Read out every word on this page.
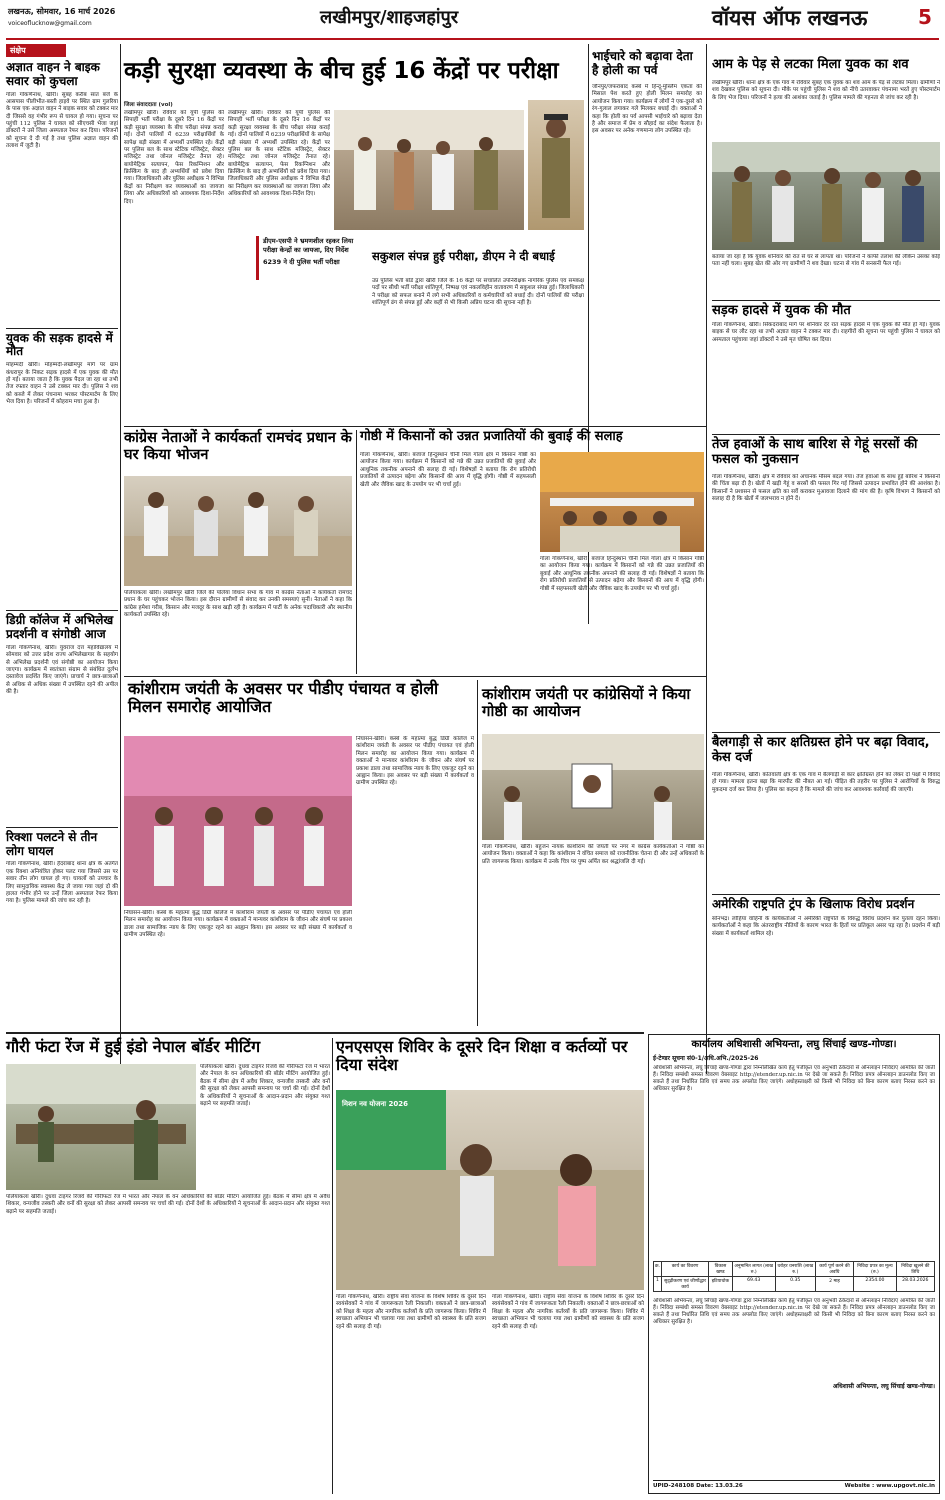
लखनऊ, सोमवार, 16 मार्च 2026
voiceoflucknow@gmail.com	लखीमपुर/शाहजहांपुर	वॉयस ऑफ लखनऊ	5
संक्षेप
अज्ञात वाहन ने बाइक सवार को कुचला
गोला गोकर्णनाथ, खीरी। सुबह करीब सात बजे के आसपास पीलीभीत-बस्ती हाइवे पर स्थित ग्राम गुलरिया के पास एक अज्ञात वाहन ने बाइक सवार को टक्कर मार दी जिससे वह गंभीर रूप से घायल हो गया। सूचना पर पहुंची 112 पुलिस ने घायल को सीएचसी भेजा जहां डॉक्टरों ने उसे जिला अस्पताल रेफर कर दिया। परिजनों को सूचना दे दी गई है तथा पुलिस अज्ञात वाहन की तलाश में जुटी है।
युवक की सड़क हादसे में मौत
मोहम्मदी खीरी। मोहम्मदी-लखीमपुर मार्ग पर ग्राम कंधरापुर के निकट सड़क हादसे में एक युवक की मौत हो गई। बताया जाता है कि युवक पैदल जा रहा था तभी तेज रफ्तार वाहन ने उसे टक्कर मार दी। पुलिस ने शव को कब्जे में लेकर पंचनामा भरकर पोस्टमार्टम के लिए भेज दिया है। परिजनों में कोहराम मचा हुआ है।
डिग्री कॉलेज में अभिलेख प्रदर्शनी व संगोष्ठी आज
गोला गोकर्णनाथ, खीरी। युवराज दत्त महाविद्यालय में सोमवार को उत्तर प्रदेश राज्य अभिलेखागार के सहयोग से अभिलेख प्रदर्शनी एवं संगोष्ठी का आयोजन किया जाएगा। कार्यक्रम में स्वतंत्रता संग्राम से संबंधित दुर्लभ दस्तावेज प्रदर्शित किए जाएंगे। प्राचार्य ने छात्र-छात्राओं से अधिक से अधिक संख्या में उपस्थित रहने की अपील की है।
रिक्शा पलटने से तीन लोग घायल
गोला गोकर्णनाथ, खीरी। हैदराबाद थाना क्षेत्र के अंतर्गत एक रिक्शा अनियंत्रित होकर पलट गया जिससे उस पर सवार तीन लोग घायल हो गए। घायलों को उपचार के लिए सामुदायिक स्वास्थ्य केंद्र ले जाया गया जहां दो की हालत गंभीर होने पर उन्हें जिला अस्पताल रेफर किया गया है। पुलिस मामले की जांच कर रही है।
कड़ी सुरक्षा व्यवस्था के बीच हुई 16 केंद्रों पर परीक्षा
जिला संवाददाता (vol)
लखीमपुर खीरी। रविवार को यूपी पुलिस की सिपाही भर्ती परीक्षा के दूसरे दिन 16 केंद्रों पर कड़ी सुरक्षा व्यवस्था के बीच परीक्षा संपन्न कराई गई। दोनों पालियों में 6239 परीक्षार्थियों के सापेक्ष बड़ी संख्या में अभ्यर्थी उपस्थित रहे। केंद्रों पर पुलिस बल के साथ स्टेटिक मजिस्ट्रेट, सेक्टर मजिस्ट्रेट तथा जोनल मजिस्ट्रेट तैनात रहे। बायोमेट्रिक सत्यापन, फेस रिकग्निशन और फ्रिस्किंग के बाद ही अभ्यर्थियों को प्रवेश दिया गया। जिलाधिकारी और पुलिस अधीक्षक ने विभिन्न केंद्रों का निरीक्षण कर व्यवस्थाओं का जायजा लिया और अधिकारियों को आवश्यक दिशा-निर्देश दिए।
लखीमपुर खीरी। रविवार को यूपी पुलिस की सिपाही भर्ती परीक्षा के दूसरे दिन 16 केंद्रों पर कड़ी सुरक्षा व्यवस्था के बीच परीक्षा संपन्न कराई गई। दोनों पालियों में 6239 परीक्षार्थियों के सापेक्ष बड़ी संख्या में अभ्यर्थी उपस्थित रहे। केंद्रों पर पुलिस बल के साथ स्टेटिक मजिस्ट्रेट, सेक्टर मजिस्ट्रेट तथा जोनल मजिस्ट्रेट तैनात रहे। बायोमेट्रिक सत्यापन, फेस रिकग्निशन और फ्रिस्किंग के बाद ही अभ्यर्थियों को प्रवेश दिया गया। जिलाधिकारी और पुलिस अधीक्षक ने विभिन्न केंद्रों का निरीक्षण कर व्यवस्थाओं का जायजा लिया और अधिकारियों को आवश्यक दिशा-निर्देश दिए।
डीएम-एसपी ने भ्रमणशील रहकर लिया परीक्षा केन्द्रों का जायजा, दिए निर्देश
6239 ने दी पुलिस भर्ती परीक्षा	सकुशल संपन्न हुई परीक्षा, डीएम ने दी बधाई
उप्र पुलिस भर्ती बोर्ड द्वारा खीरी जिले के 16 केंद्रों पर संचालित उपनिरीक्षक नागरिक पुलिस एवं समकक्ष पदों पर सीधी भर्ती परीक्षा शांतिपूर्ण, निष्पक्ष एवं नकलविहीन वातावरण में सकुशल संपन्न हुई। जिलाधिकारी ने परीक्षा को सफल बनाने में लगे सभी अधिकारियों व कर्मचारियों को बधाई दी। दोनों पालियों की परीक्षा शांतिपूर्ण ढंग से संपन्न हुई और कहीं से भी किसी अप्रिय घटना की सूचना नहीं है।
भाईचारे को बढ़ावा देता है होली का पर्व
जौनपुर/जफराबाद कस्बे में हिन्दू-मुस्लिम एकता की मिसाल पेश करते हुए होली मिलन समारोह का आयोजन किया गया। कार्यक्रम में लोगों ने एक-दूसरे को रंग-गुलाल लगाकर गले मिलकर बधाई दी। वक्ताओं ने कहा कि होली का पर्व आपसी भाईचारे को बढ़ावा देता है और समाज में प्रेम व सौहार्द का संदेश फैलाता है। इस अवसर पर अनेक गणमान्य लोग उपस्थित रहे।
आम के पेड़ से लटका मिला युवक का शव
लखीमपुर खीरी। थाना क्षेत्र के एक गांव में रविवार सुबह एक युवक का शव आम के पेड़ से लटका मिला। ग्रामीणों ने शव देखकर पुलिस को सूचना दी। मौके पर पहुंची पुलिस ने शव को नीचे उतरवाकर पंचनामा भरते हुए पोस्टमार्टम के लिए भेज दिया। परिजनों ने हत्या की आशंका जताई है। पुलिस मामले की गहनता से जांच कर रही है।
बताया जा रहा है कि युवक शनिवार की रात से घर से लापता था। परिजनों ने काफी तलाश की लेकिन उसका कोई पता नहीं चला। सुबह खेत की ओर गए ग्रामीणों ने शव देखा। घटना से गांव में सनसनी फैल गई।
सड़क हादसे में युवक की मौत
गोला गोकर्णनाथ, खीरी। सिकंदराबाद मार्ग पर शनिवार देर रात सड़क हादसे में एक युवक की मौत हो गई। युवक बाइक से घर लौट रहा था तभी अज्ञात वाहन ने टक्कर मार दी। राहगीरों की सूचना पर पहुंची पुलिस ने घायल को अस्पताल पहुंचाया जहां डॉक्टरों ने उसे मृत घोषित कर दिया।
तेज हवाओं के साथ बारिश से गेहूं सरसों की फसल को नुकसान
गोला गोकर्णनाथ, खीरी। क्षेत्र में रविवार को अचानक मौसम बदल गया। तेज हवाओं के साथ हुई बारिश ने किसानों की चिंता बढ़ा दी है। खेतों में खड़ी गेहूं व सरसों की फसल गिर गई जिससे उत्पादन प्रभावित होने की आशंका है। किसानों ने प्रशासन से फसल क्षति का सर्वे कराकर मुआवजा दिलाने की मांग की है। कृषि विभाग ने किसानों को सलाह दी है कि खेतों में जलभराव न होने दें।
बैलगाड़ी से कार क्षतिग्रस्त होने पर बढ़ा विवाद, केस दर्ज
गोला गोकर्णनाथ, खीरी। कोतवाली क्षेत्र के एक गांव में बैलगाड़ी से कार क्षतिग्रस्त होने को लेकर दो पक्षों में विवाद हो गया। मामला इतना बढ़ा कि मारपीट की नौबत आ गई। पीड़ित की तहरीर पर पुलिस ने आरोपियों के विरुद्ध मुकदमा दर्ज कर लिया है। पुलिस का कहना है कि मामले की जांच कर आवश्यक कार्रवाई की जाएगी।
अमेरिकी राष्ट्रपति ट्रंप के खिलाफ विरोध प्रदर्शन
सोनभद्र। लोहिया वाहिनी के कार्यकर्ताओं ने अमेरिकी राष्ट्रपति के विरुद्ध विरोध प्रदर्शन कर पुतला दहन किया। कार्यकर्ताओं ने कहा कि अंतरराष्ट्रीय नीतियों के कारण भारत के हितों पर प्रतिकूल असर पड़ रहा है। प्रदर्शन में बड़ी संख्या में कार्यकर्ता शामिल रहे।
कांग्रेस नेताओं ने कार्यकर्ता रामचंद प्रधान के घर किया भोजन
पलियाकलां खीरी। लखीमपुर खीरी जिले की पलिया विधान सभा के गांव में कांग्रेस नेताओं ने कार्यकर्ता रामचंद प्रधान के घर पहुंचकर भोजन किया। इस दौरान ग्रामीणों से संवाद कर उनकी समस्याएं सुनीं। नेताओं ने कहा कि कांग्रेस हमेशा गरीब, किसान और मजदूर के साथ खड़ी रही है। कार्यक्रम में पार्टी के अनेक पदाधिकारी और स्थानीय कार्यकर्ता उपस्थित रहे।
गोष्ठी में किसानों को उन्नत प्रजातियों की बुवाई की सलाह
गोला गोकर्णनाथ, खीरी। बजाज हिन्दुस्थान चीनी मिल गोला क्षेत्र में किसान गोष्ठी का आयोजन किया गया। कार्यक्रम में किसानों को गन्ने की उन्नत प्रजातियों की बुवाई और आधुनिक तकनीक अपनाने की सलाह दी गई। विशेषज्ञों ने बताया कि रोग प्रतिरोधी प्रजातियों से उत्पादन बढ़ेगा और किसानों की आय में वृद्धि होगी। गोष्ठी में सहफसली खेती और जैविक खाद के उपयोग पर भी चर्चा हुई।
गोला गोकर्णनाथ, खीरी। बजाज हिन्दुस्थान चीनी मिल गोला क्षेत्र में किसान गोष्ठी का आयोजन किया गया। कार्यक्रम में किसानों को गन्ने की उन्नत प्रजातियों की बुवाई और आधुनिक तकनीक अपनाने की सलाह दी गई। विशेषज्ञों ने बताया कि रोग प्रतिरोधी प्रजातियों से उत्पादन बढ़ेगा और किसानों की आय में वृद्धि होगी। गोष्ठी में सहफसली खेती और जैविक खाद के उपयोग पर भी चर्चा हुई।
कांशीराम जयंती के अवसर पर पीडीए पंचायत व होली मिलन समारोह आयोजित
निघासन-खीरी। कस्बे के महात्मा बुद्ध डिग्री कॉलेज में कांशीराम जयंती के अवसर पर पीडीए पंचायत एवं होली मिलन समारोह का आयोजन किया गया। कार्यक्रम में वक्ताओं ने मान्यवर कांशीराम के जीवन और संघर्ष पर प्रकाश डाला तथा सामाजिक न्याय के लिए एकजुट रहने का आह्वान किया। इस अवसर पर बड़ी संख्या में कार्यकर्ता व ग्रामीण उपस्थित रहे।
निघासन-खीरी। कस्बे के महात्मा बुद्ध डिग्री कॉलेज में कांशीराम जयंती के अवसर पर पीडीए पंचायत एवं होली मिलन समारोह का आयोजन किया गया। कार्यक्रम में वक्ताओं ने मान्यवर कांशीराम के जीवन और संघर्ष पर प्रकाश डाला तथा सामाजिक न्याय के लिए एकजुट रहने का आह्वान किया। इस अवसर पर बड़ी संख्या में कार्यकर्ता व ग्रामीण उपस्थित रहे।
कांशीराम जयंती पर कांग्रेसियों ने किया गोष्ठी का आयोजन
गोला गोकर्णनाथ, खीरी। बहुजन नायक कांशीराम की जयंती पर नगर में कांग्रेस कार्यकर्ताओं ने गोष्ठी का आयोजन किया। वक्ताओं ने कहा कि कांशीराम ने वंचित समाज को राजनीतिक चेतना दी और उन्हें अधिकारों के प्रति जागरूक किया। कार्यक्रम में उनके चित्र पर पुष्प अर्पित कर श्रद्धांजलि दी गई।
गौरी फंटा रेंज में हुई इंडो नेपाल बॉर्डर मीटिंग
पलियाकलां खीरी। दुधवा टाइगर रिजर्व की गौरीफंटा रेंज में भारत और नेपाल के वन अधिकारियों की बॉर्डर मीटिंग आयोजित हुई। बैठक में सीमा क्षेत्र में अवैध शिकार, वन्यजीव तस्करी और वनों की सुरक्षा को लेकर आपसी समन्वय पर चर्चा की गई। दोनों देशों के अधिकारियों ने सूचनाओं के आदान-प्रदान और संयुक्त गश्त बढ़ाने पर सहमति जताई।
पलियाकलां खीरी। दुधवा टाइगर रिजर्व की गौरीफंटा रेंज में भारत और नेपाल के वन अधिकारियों की बॉर्डर मीटिंग आयोजित हुई। बैठक में सीमा क्षेत्र में अवैध शिकार, वन्यजीव तस्करी और वनों की सुरक्षा को लेकर आपसी समन्वय पर चर्चा की गई। दोनों देशों के अधिकारियों ने सूचनाओं के आदान-प्रदान और संयुक्त गश्त बढ़ाने पर सहमति जताई।
एनएसएस शिविर के दूसरे दिन शिक्षा व कर्तव्यों पर दिया संदेश
मिशन नव योजना 2026
गोला गोकर्णनाथ, खीरी। राष्ट्रीय सेवा योजना के विशेष शिविर के दूसरे दिन स्वयंसेवकों ने गांव में जागरूकता रैली निकाली। वक्ताओं ने छात्र-छात्राओं को शिक्षा के महत्व और नागरिक कर्तव्यों के प्रति जागरूक किया। शिविर में स्वच्छता अभियान भी चलाया गया तथा ग्रामीणों को स्वास्थ्य के प्रति सजग रहने की सलाह दी गई।
गोला गोकर्णनाथ, खीरी। राष्ट्रीय सेवा योजना के विशेष शिविर के दूसरे दिन स्वयंसेवकों ने गांव में जागरूकता रैली निकाली। वक्ताओं ने छात्र-छात्राओं को शिक्षा के महत्व और नागरिक कर्तव्यों के प्रति जागरूक किया। शिविर में स्वच्छता अभियान भी चलाया गया तथा ग्रामीणों को स्वास्थ्य के प्रति सजग रहने की सलाह दी गई।
कार्यालय अधिशासी अभियन्ता, लघु सिंचाई खण्ड-गोण्डा।
ई-टेण्डर सूचना सं0-1/अधि.अभि./2025-26
अधिशासी अभियन्ता, लघु सिंचाई खण्ड-गोण्डा द्वारा निम्नलिखित कार्य हेतु पंजीकृत एवं अनुभवी ठेकेदारों से ऑनलाइन निविदाएं आमंत्रित की जाती हैं। निविदा सम्बंधी समस्त विवरण वेबसाइट http://etender.up.nic.in पर देखे जा सकते हैं। निविदा प्रपत्र ऑनलाइन डाउनलोड किए जा सकते हैं तथा निर्धारित तिथि एवं समय तक अपलोड किए जाएंगे। अधोहस्ताक्षरी को किसी भी निविदा को बिना कारण बताए निरस्त करने का अधिकार सुरक्षित है।
क्र.	कार्य का विवरण	विकास खण्ड	अनुमानित लागत (लाख रु.)	धरोहर धनराशि (लाख रु.)	कार्य पूर्ण करने की अवधि	निविदा प्रपत्र का मूल्य (रु.)	निविदा खुलने की तिथि
1	सुदृढ़ीकरण एवं जीर्णोद्धार कार्य	इटियाथोक	69.43	0.35	2 माह	2354.00	28.03.2026
अधिशासी अभियन्ता, लघु सिंचाई खण्ड-गोण्डा द्वारा निम्नलिखित कार्य हेतु पंजीकृत एवं अनुभवी ठेकेदारों से ऑनलाइन निविदाएं आमंत्रित की जाती हैं। निविदा सम्बंधी समस्त विवरण वेबसाइट http://etender.up.nic.in पर देखे जा सकते हैं। निविदा प्रपत्र ऑनलाइन डाउनलोड किए जा सकते हैं तथा निर्धारित तिथि एवं समय तक अपलोड किए जाएंगे। अधोहस्ताक्षरी को किसी भी निविदा को बिना कारण बताए निरस्त करने का अधिकार सुरक्षित है।
अधिशासी अभियन्ता, लघु सिंचाई खण्ड-गोण्डा।
UPID-248108 Date: 13.03.26	Website : www.upgovt.nic.in
